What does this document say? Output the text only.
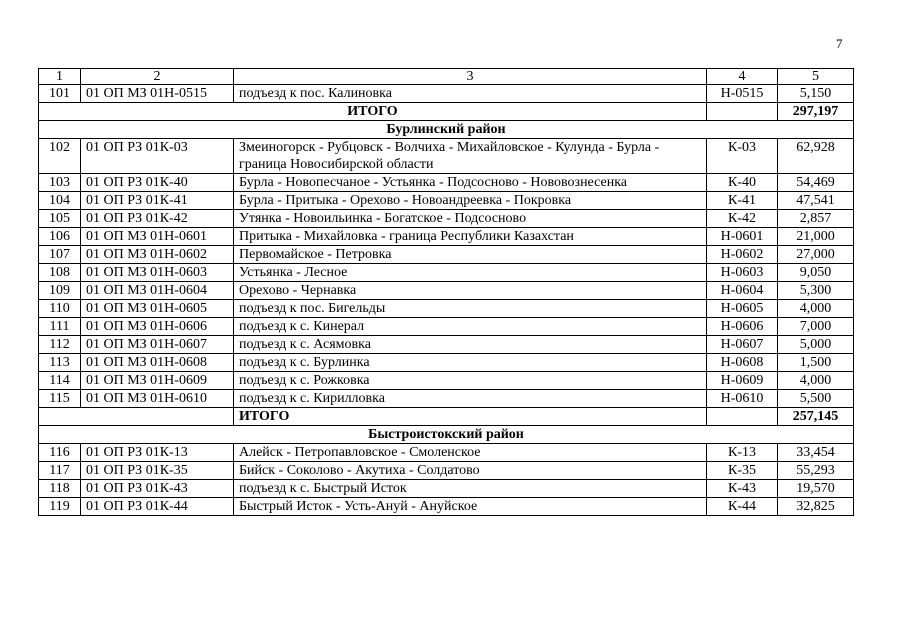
7
1	2	3	4	5
101	01 ОП МЗ 01Н-0515	подъезд к пос. Калиновка	Н-0515	5,150
ИТОГО				297,197
Бурлинский район				
102	01 ОП РЗ 01К-03	Змеиногорск - Рубцовск - Волчиха - Михайловское - Кулунда - Бурла - граница Новосибирской области	К-03	62,928
103	01 ОП РЗ 01К-40	Бурла - Новопесчаное - Устьянка - Подсосново - Нововознесенка	К-40	54,469
104	01 ОП РЗ 01К-41	Бурла - Притыка - Орехово - Новоандреевка - Покровка	К-41	47,541
105	01 ОП РЗ 01К-42	Утянка - Новоильинка - Богатское - Подсосново	К-42	2,857
106	01 ОП МЗ 01Н-0601	Притыка - Михайловка - граница Республики Казахстан	Н-0601	21,000
107	01 ОП МЗ 01Н-0602	Первомайское - Петровка	Н-0602	27,000
108	01 ОП МЗ 01Н-0603	Устьянка - Лесное	Н-0603	9,050
109	01 ОП МЗ 01Н-0604	Орехово - Чернавка	Н-0604	5,300
110	01 ОП МЗ 01Н-0605	подъезд к пос. Бигельды	Н-0605	4,000
111	01 ОП МЗ 01Н-0606	подъезд к с. Кинерал	Н-0606	7,000
112	01 ОП МЗ 01Н-0607	подъезд к с. Асямовка	Н-0607	5,000
113	01 ОП МЗ 01Н-0608	подъезд к с. Бурлинка	Н-0608	1,500
114	01 ОП МЗ 01Н-0609	подъезд к с. Рожковка	Н-0609	4,000
115	01 ОП МЗ 01Н-0610	подъезд к с. Кирилловка	Н-0610	5,500
		ИТОГО		257,145
Быстроистокский район				
116	01 ОП РЗ 01К-13	Алейск - Петропавловское - Смоленское	К-13	33,454
117	01 ОП РЗ 01К-35	Бийск - Соколово - Акутиха - Солдатово	К-35	55,293
118	01 ОП РЗ 01К-43	подъезд к с. Быстрый Исток	К-43	19,570
119	01 ОП РЗ 01К-44	Быстрый Исток - Усть-Ануй - Ануйское	К-44	32,825
